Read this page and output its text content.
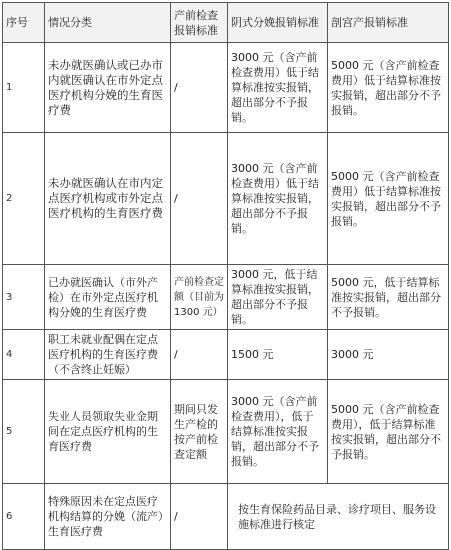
序号	情况分类	产前检查报销标准	阴式分娩报销标准	剖宫产报销标准
1	未办就医确认或已办市内就医确认在市外定点医疗机构分娩的生育医疗费	/	3000 元（含产前检查费用）低于结算标准按实报销，超出部分不予报销。	5000 元（含产前检查费用）低于结算标准按实报销，超出部分不予报销。
2	未办就医确认在市内定点医疗机构或市外定点医疗机构的生育医疗费	/	3000 元（含产前检查费用）低于结算标准按实报销，超出部分不予报销。	5000 元（含产前检查费用）低于结算标准按实报销，超出部分不予报销。
3	已办就医确认（市外产检）在市外定点医疗机构分娩的生育医疗费	产前检查定额（目前为 1300 元）	3000 元，低于结算标准按实报销，超出部分不予报销。	5000 元，低于结算标准按实报销，超出部分不予报销。
4	职工未就业配偶在定点医疗机构的生育医疗费（不含终止妊娠）	/	1500 元	3000 元
5	失业人员领取失业金期间在定点医疗机构的生育医疗费	期间只发生产检的按产前检查定额	3000 元（含产前检查费用），低于结算标准按实报销，超出部分不予报销。	5000 元（含产前检查费用），低于结算标准按实报销，超出部分不予报销。
6	特殊原因未在定点医疗机构结算的分娩（流产）生育医疗费	/	按生育保险药品目录、诊疗项目、服务设施标准进行核定	
